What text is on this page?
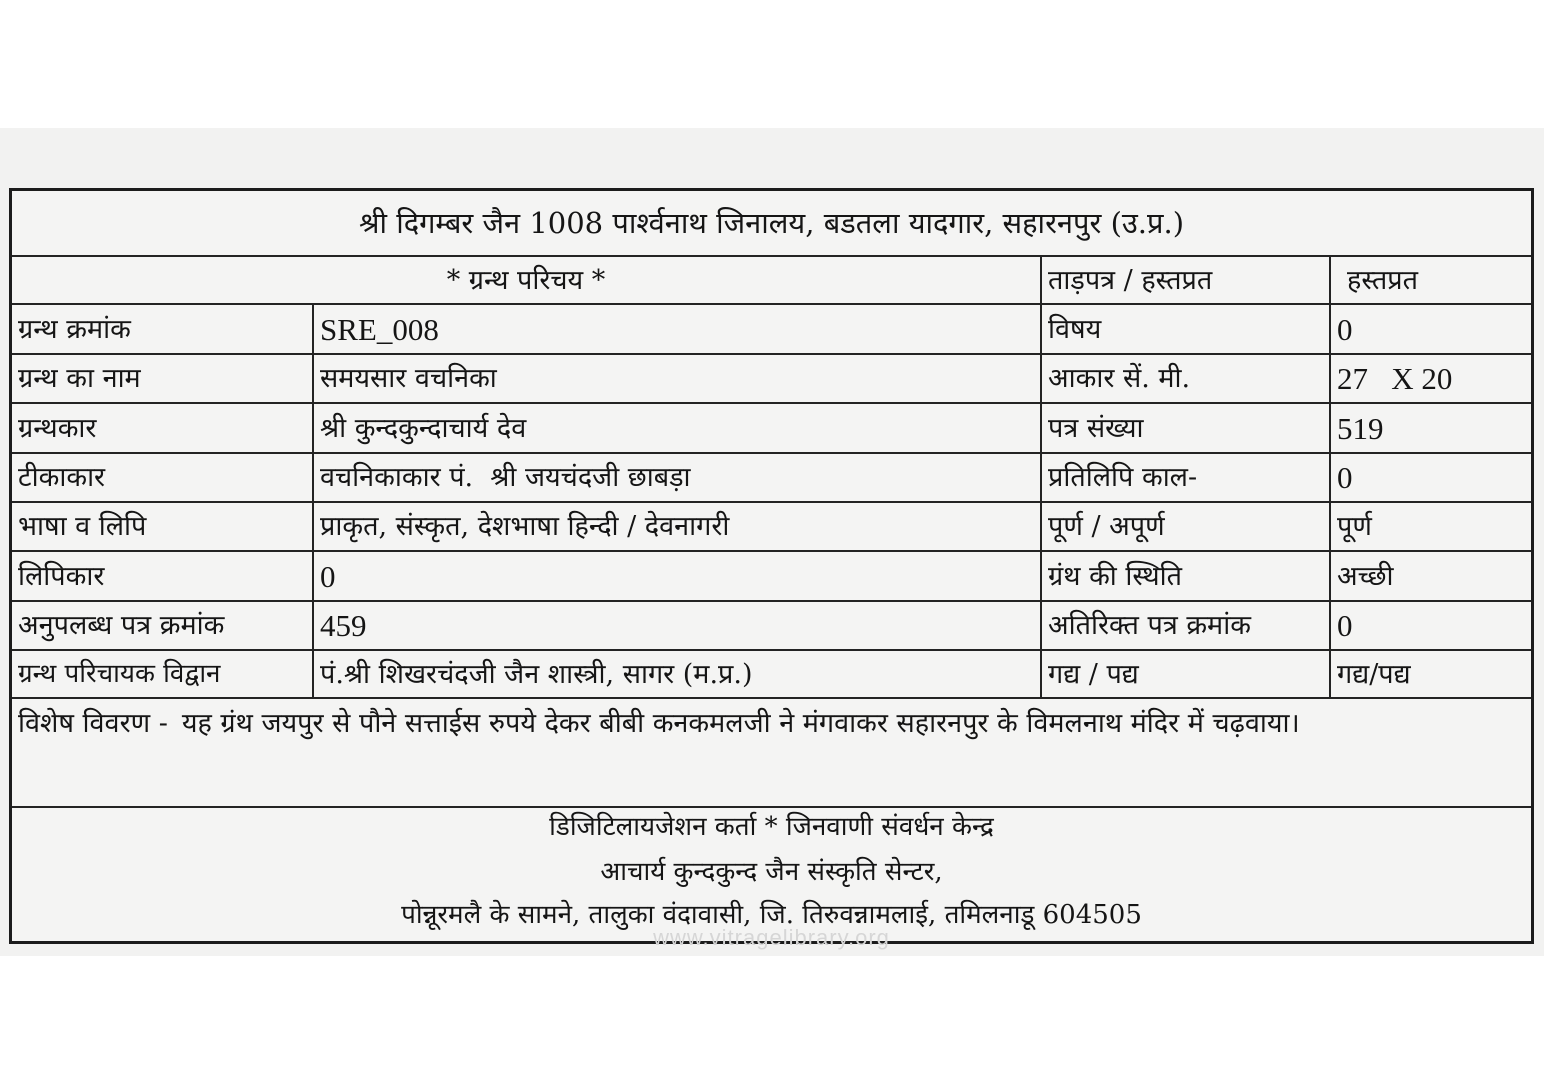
श्री दिगम्बर जैन 1008 पार्श्वनाथ जिनालय, बडतला यादगार, सहारनपुर (उ.प्र.)
* ग्रन्थ परिचय *	ताड़पत्र / हस्तप्रत	हस्तप्रत
ग्रन्थ क्रमांक	SRE_008	विषय	0
ग्रन्थ का नाम	समयसार वचनिका	आकार सें. मी.	27   X 20
ग्रन्थकार	श्री कुन्दकुन्दाचार्य देव	पत्र संख्या	519
टीकाकार	वचनिकाकार पं.  श्री जयचंदजी छाबड़ा	प्रतिलिपि काल-	0
भाषा व लिपि	प्राकृत, संस्कृत, देशभाषा हिन्दी / देवनागरी	पूर्ण / अपूर्ण	पूर्ण
लिपिकार	0	ग्रंथ की स्थिति	अच्छी
अनुपलब्ध पत्र क्रमांक	459	अतिरिक्त पत्र क्रमांक	0
ग्रन्थ परिचायक विद्वान	पं.श्री शिखरचंदजी जैन शास्त्री, सागर (म.प्र.)	गद्य / पद्य	गद्य/पद्य
विशेष विवरण - यह ग्रंथ जयपुर से पौने सत्ताईस रुपये देकर बीबी कनकमलजी ने मंगवाकर सहारनपुर के विमलनाथ मंदिर में चढ़वाया।
डिजिटिलायजेशन कर्ता * जिनवाणी संवर्धन केन्द्र
आचार्य कुन्दकुन्द जैन संस्कृति सेन्टर,
पोन्नूरमलै के सामने, तालुका वंदावासी, जि. तिरुवन्नामलाई, तमिलनाडू 604505
www.vitragelibrary.org
